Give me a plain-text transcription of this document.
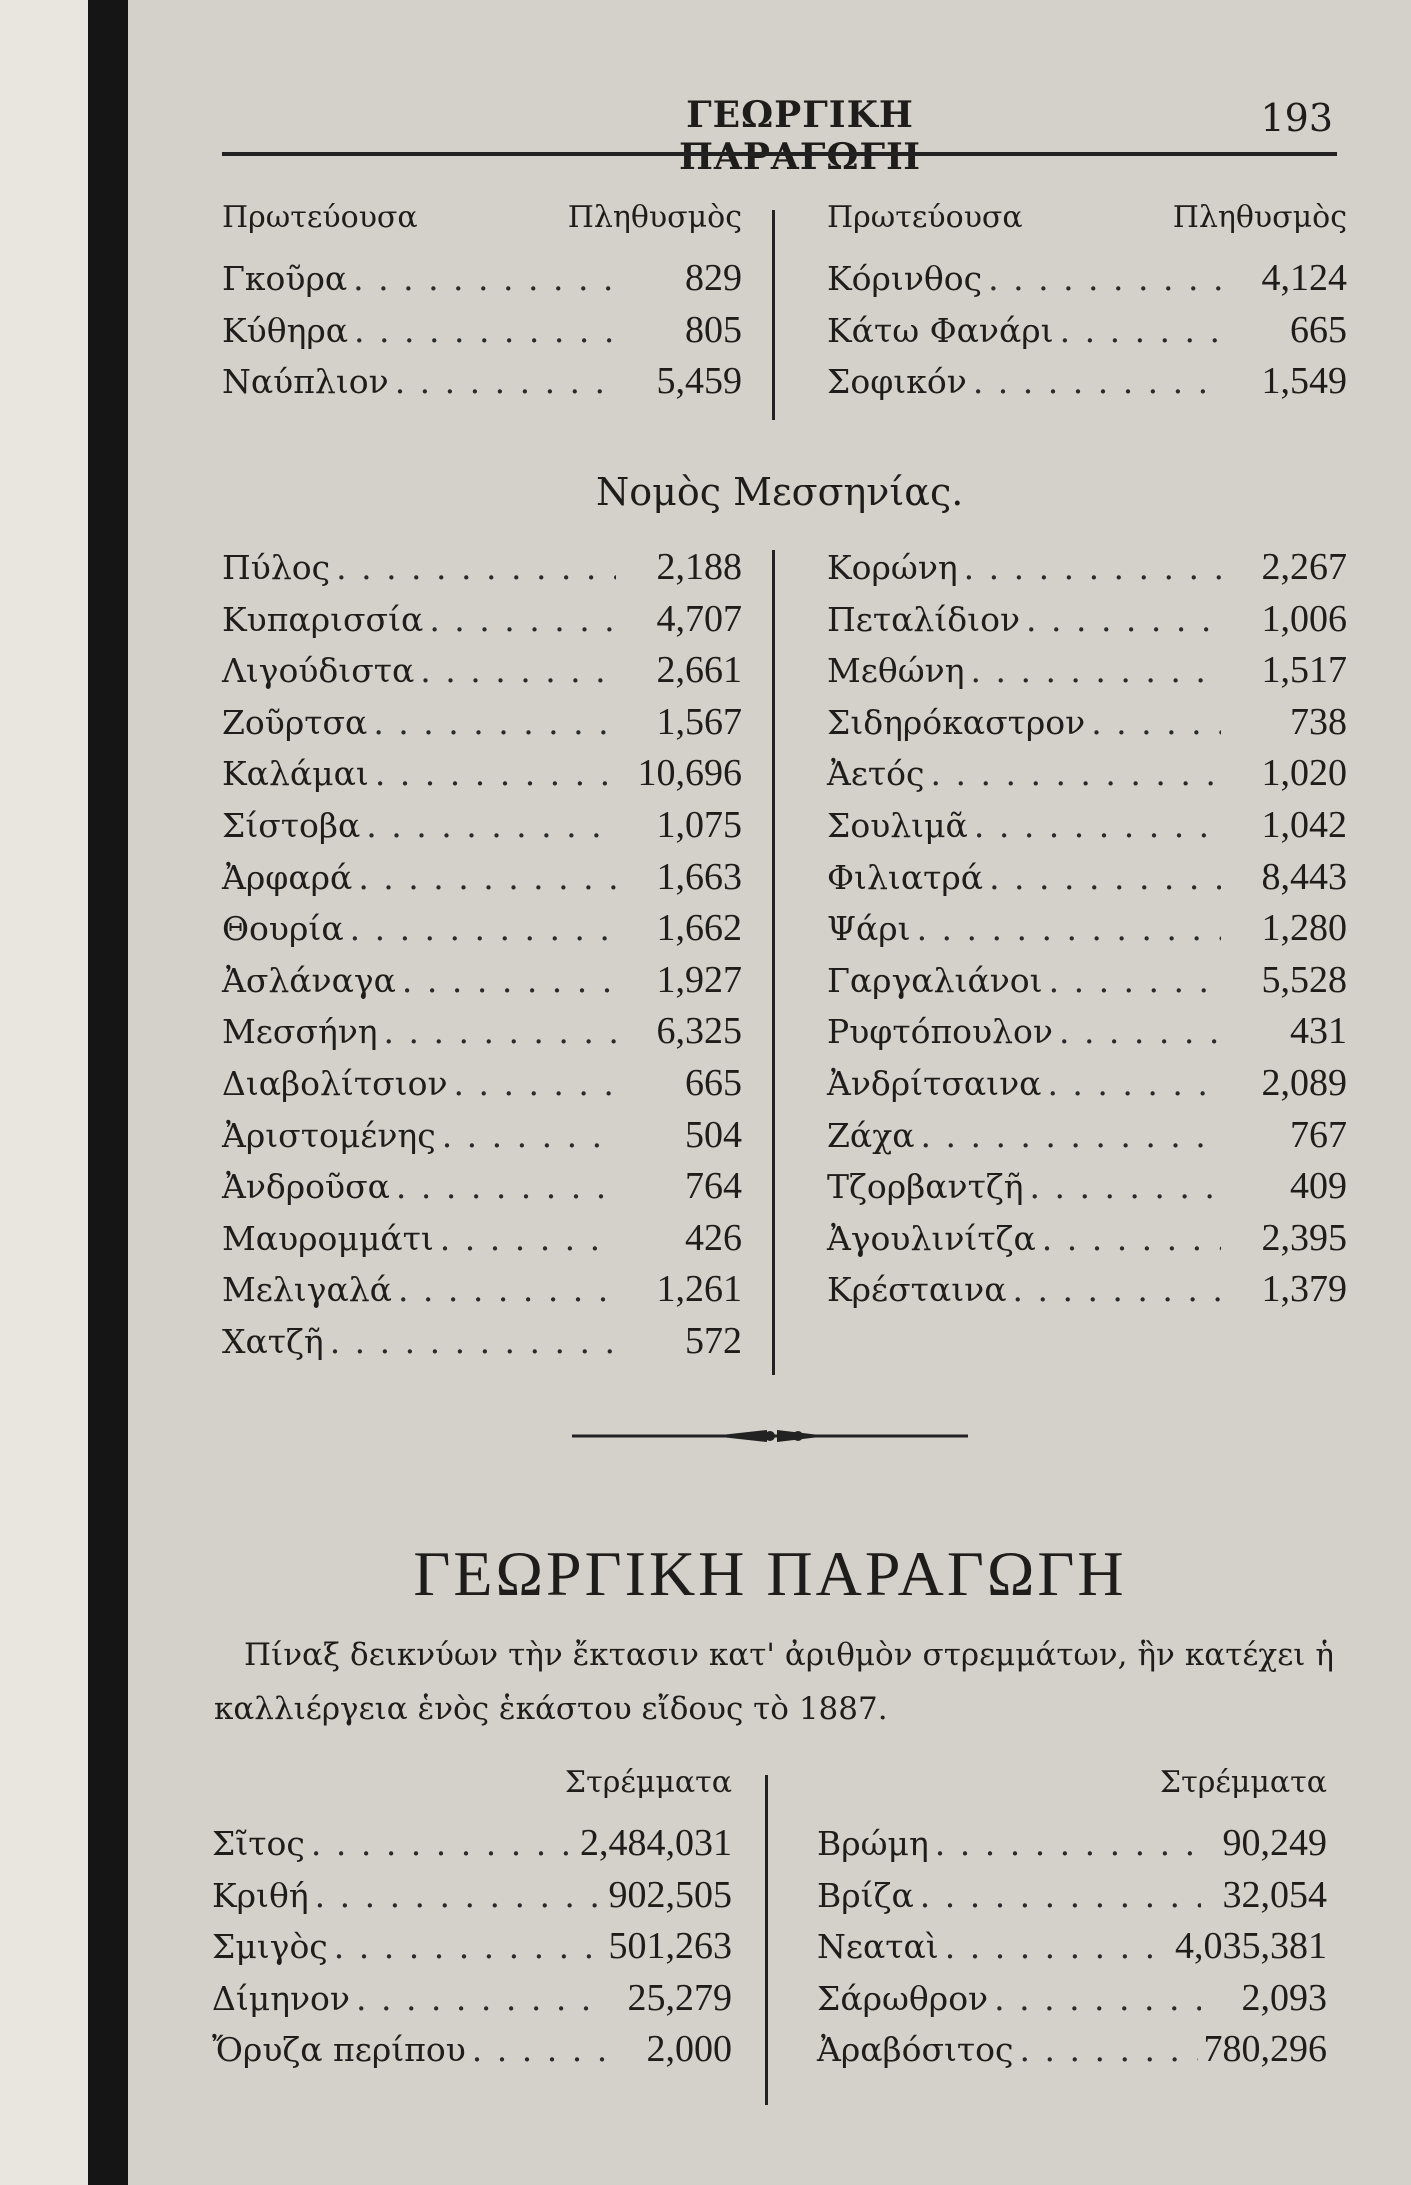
ΓΕΩΡΓΙΚΗ ΠΑΡΑΓΩΓΗ
193
Πρωτεύουσα	Πληθυσμὸς
Γκοῦρα . . .	829
Κύθηρα . . .	805
Ναύπλιον . . .	5,459
Πρωτεύουσα	Πληθυσμὸς
Κόρινθος . . .	4,124
Κάτω Φανάρι . . .	665
Σοφικόν . . .	1,549
Νομὸς Μεσσηνίας.
Πύλος . . .	2,188
Κυπαρισσία . . .	4,707
Λιγούδιστα . . .	2,661
Ζοῦρτσα . . .	1,567
Καλάμαι . . .	10,696
Σίστοβα . . .	1,075
Ἀρφαρά . . .	1,663
Θουρία . . .	1,662
Ἀσλάναγα . . .	1,927
Μεσσήνη . . .	6,325
Διαβολίτσιον . . .	665
Ἀριστομένης . . .	504
Ἀνδροῦσα . . .	764
Μαυρομμάτι . . .	426
Μελιγαλά . . .	1,261
Χατζῆ . . .	572
Κορώνη . . .	2,267
Πεταλίδιον . . .	1,006
Μεθώνη . . .	1,517
Σιδηρόκαστρον . . .	738
Ἀετός . . .	1,020
Σουλιμᾶ . . .	1,042
Φιλιατρά . . .	8,443
Ψάρι . . .	1,280
Γαργαλιάνοι . . .	5,528
Ρυφτόπουλον . . .	431
Ἀνδρίτσαινα . . .	2,089
Ζάχα . . .	767
Τζορβαντζῆ . . .	409
Ἀγουλινίτζα . . .	2,395
Κρέσταινα . . .	1,379
ΓΕΩΡΓΙΚΗ ΠΑΡΑΓΩΓΗ
Πίναξ δεικνύων τὴν ἔκτασιν κατ' ἀριθμὸν στρεμμάτων, ἣν κατέχει ἡ καλλιέργεια ἑνὸς ἑκάστου εἴδους τὸ 1887.
Στρέμματα
Σῖτος . . .	2,484,031
Κριθή . . .	902,505
Σμιγὸς . . .	501,263
Δίμηνον . . .	25,279
Ὄρυζα περίπου . . .	2,000
Στρέμματα
Βρώμη . . .	90,249
Βρίζα . . .	32,054
Νεαταὶ . . .	4,035,381
Σάρωθρον . . .	2,093
Ἀραβόσιτος . . .	780,296
